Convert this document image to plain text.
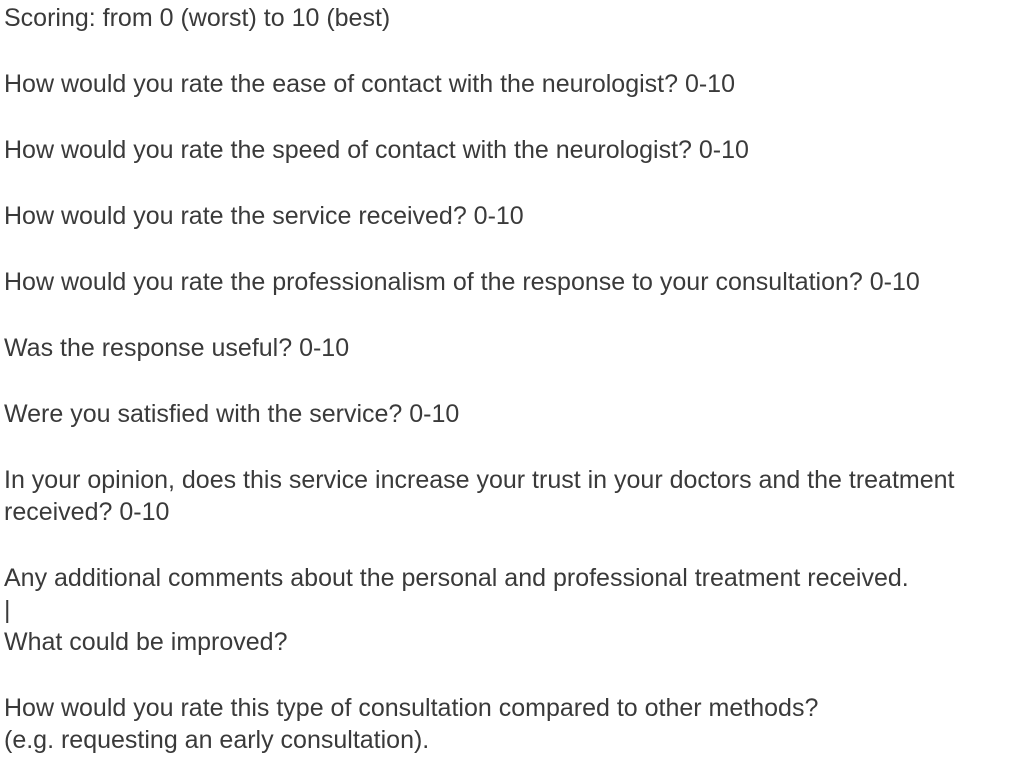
Scoring: from 0 (worst) to 10 (best)

How would you rate the ease of contact with the neurologist? 0-10

How would you rate the speed of contact with the neurologist? 0-10

How would you rate the service received? 0-10

How would you rate the professionalism of the response to your consultation? 0-10

Was the response useful? 0-10

Were you satisfied with the service? 0-10

In your opinion, does this service increase your trust in your doctors and the treatment
received? 0-10

Any additional comments about the personal and professional treatment received.
|
What could be improved?

How would you rate this type of consultation compared to other methods?
(e.g. requesting an early consultation).
